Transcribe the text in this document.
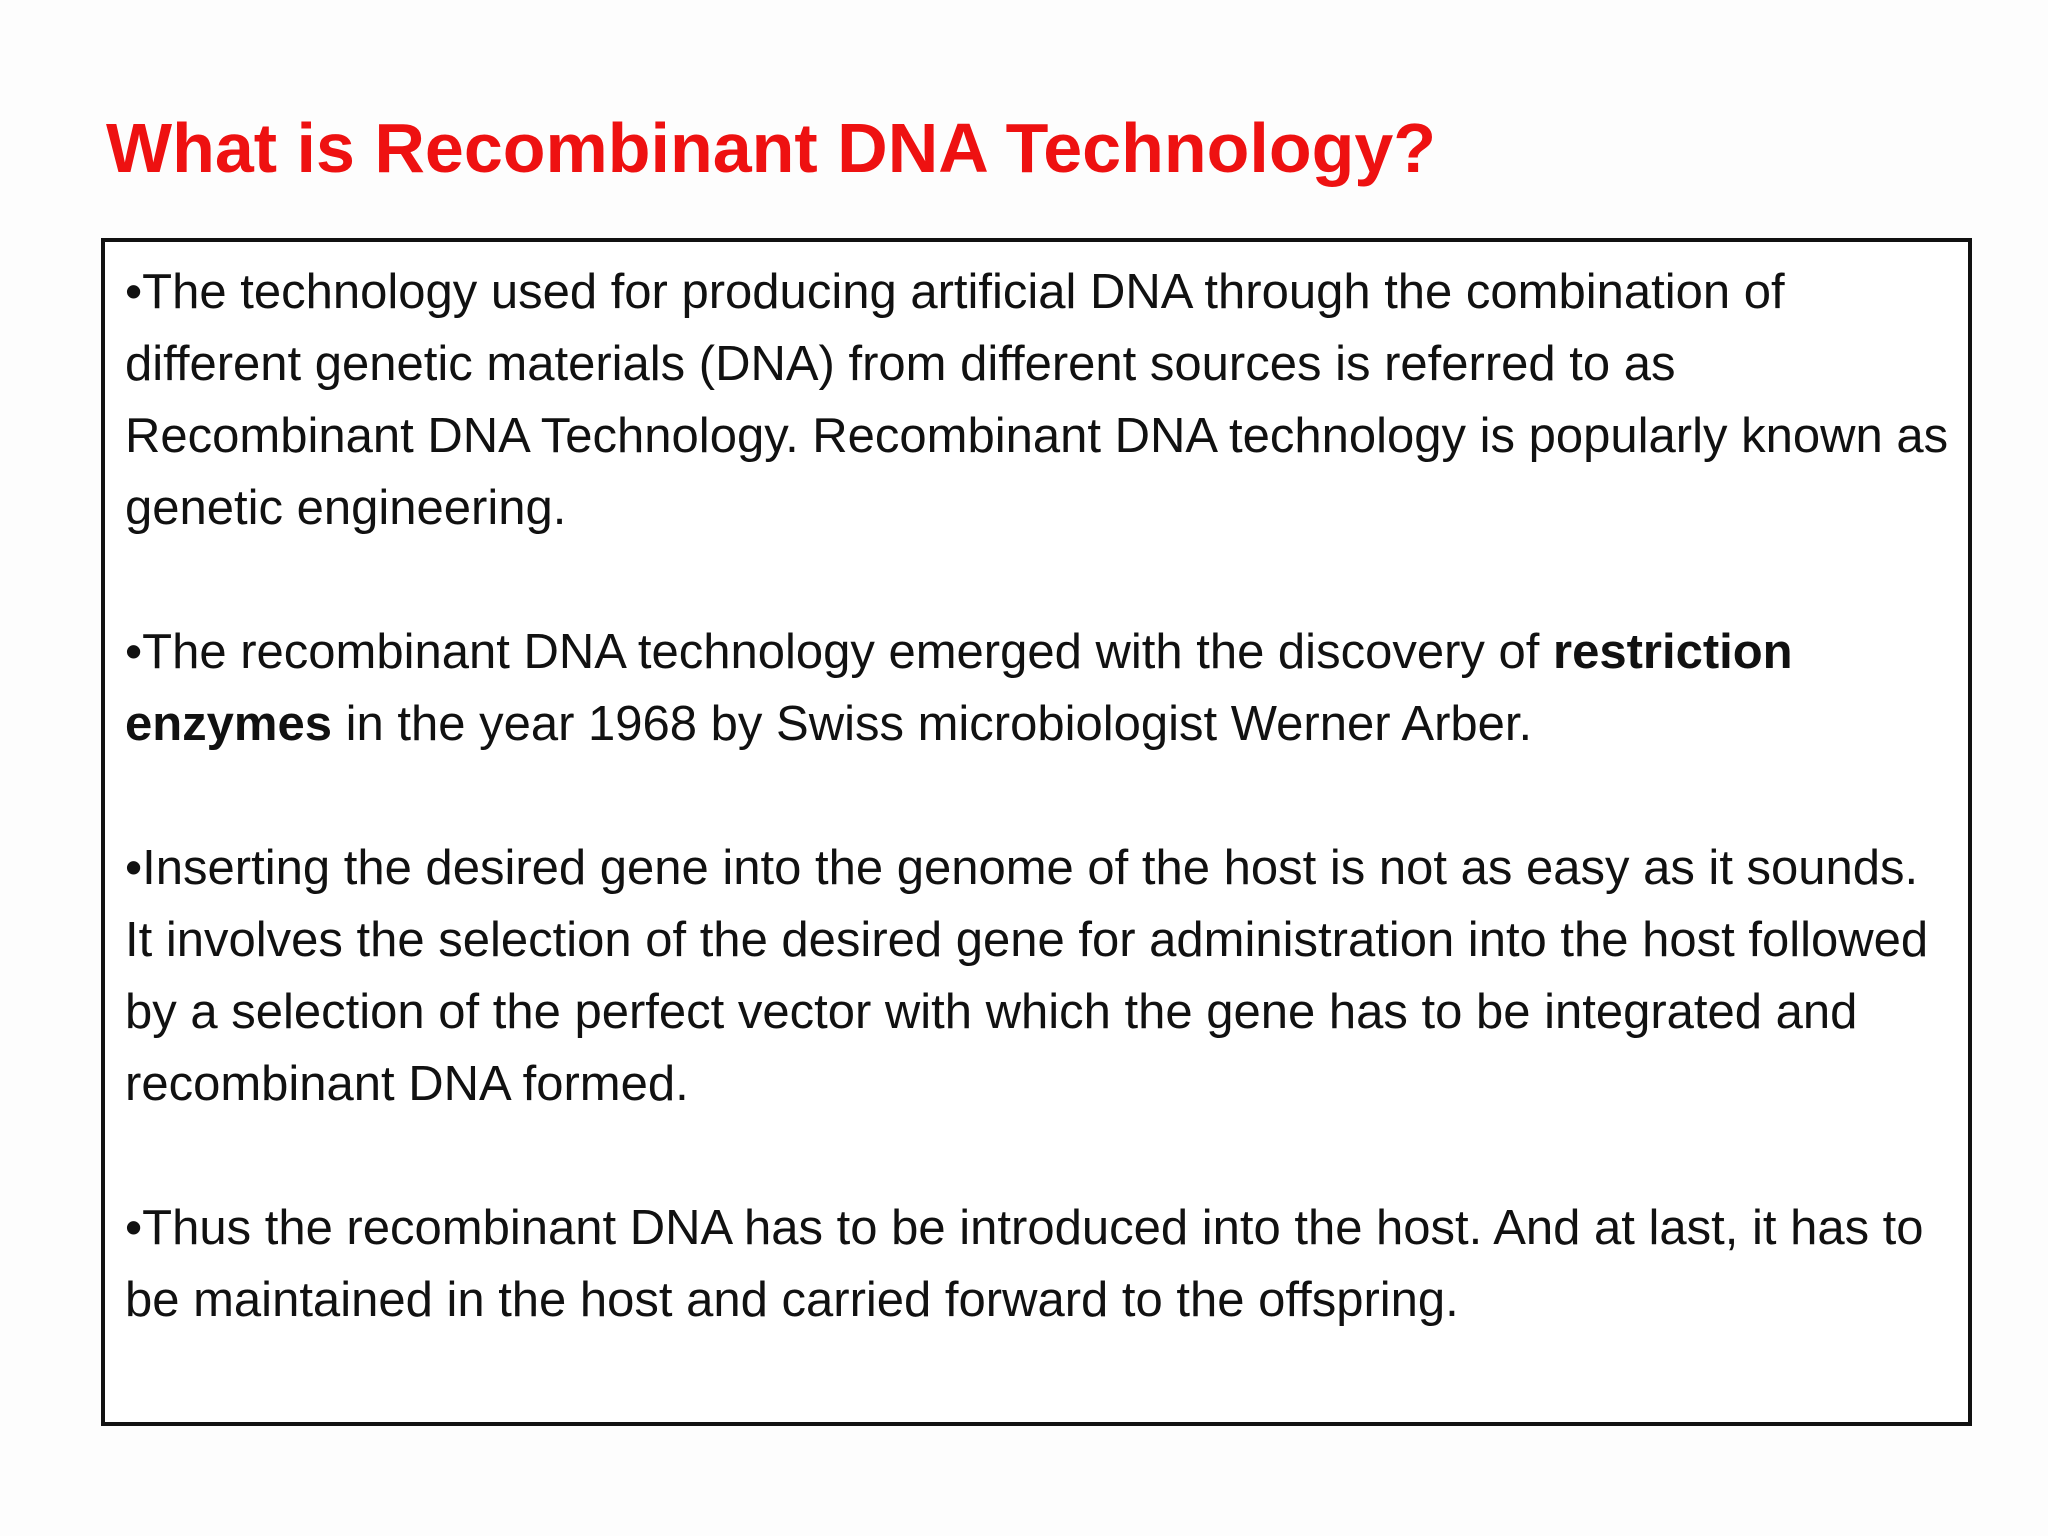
What is Recombinant DNA Technology?
•The technology used for producing artificial DNA through the combination of different genetic materials (DNA) from different sources is referred to as Recombinant DNA Technology. Recombinant DNA technology is popularly known as genetic engineering.
•The recombinant DNA technology emerged with the discovery of restriction enzymes in the year 1968 by Swiss microbiologist Werner Arber.
•Inserting the desired gene into the genome of the host is not as easy as it sounds. It involves the selection of the desired gene for administration into the host followed by a selection of the perfect vector with which the gene has to be integrated and recombinant DNA formed.
•Thus the recombinant DNA has to be introduced into the host. And at last, it has to be maintained in the host and carried forward to the offspring.
